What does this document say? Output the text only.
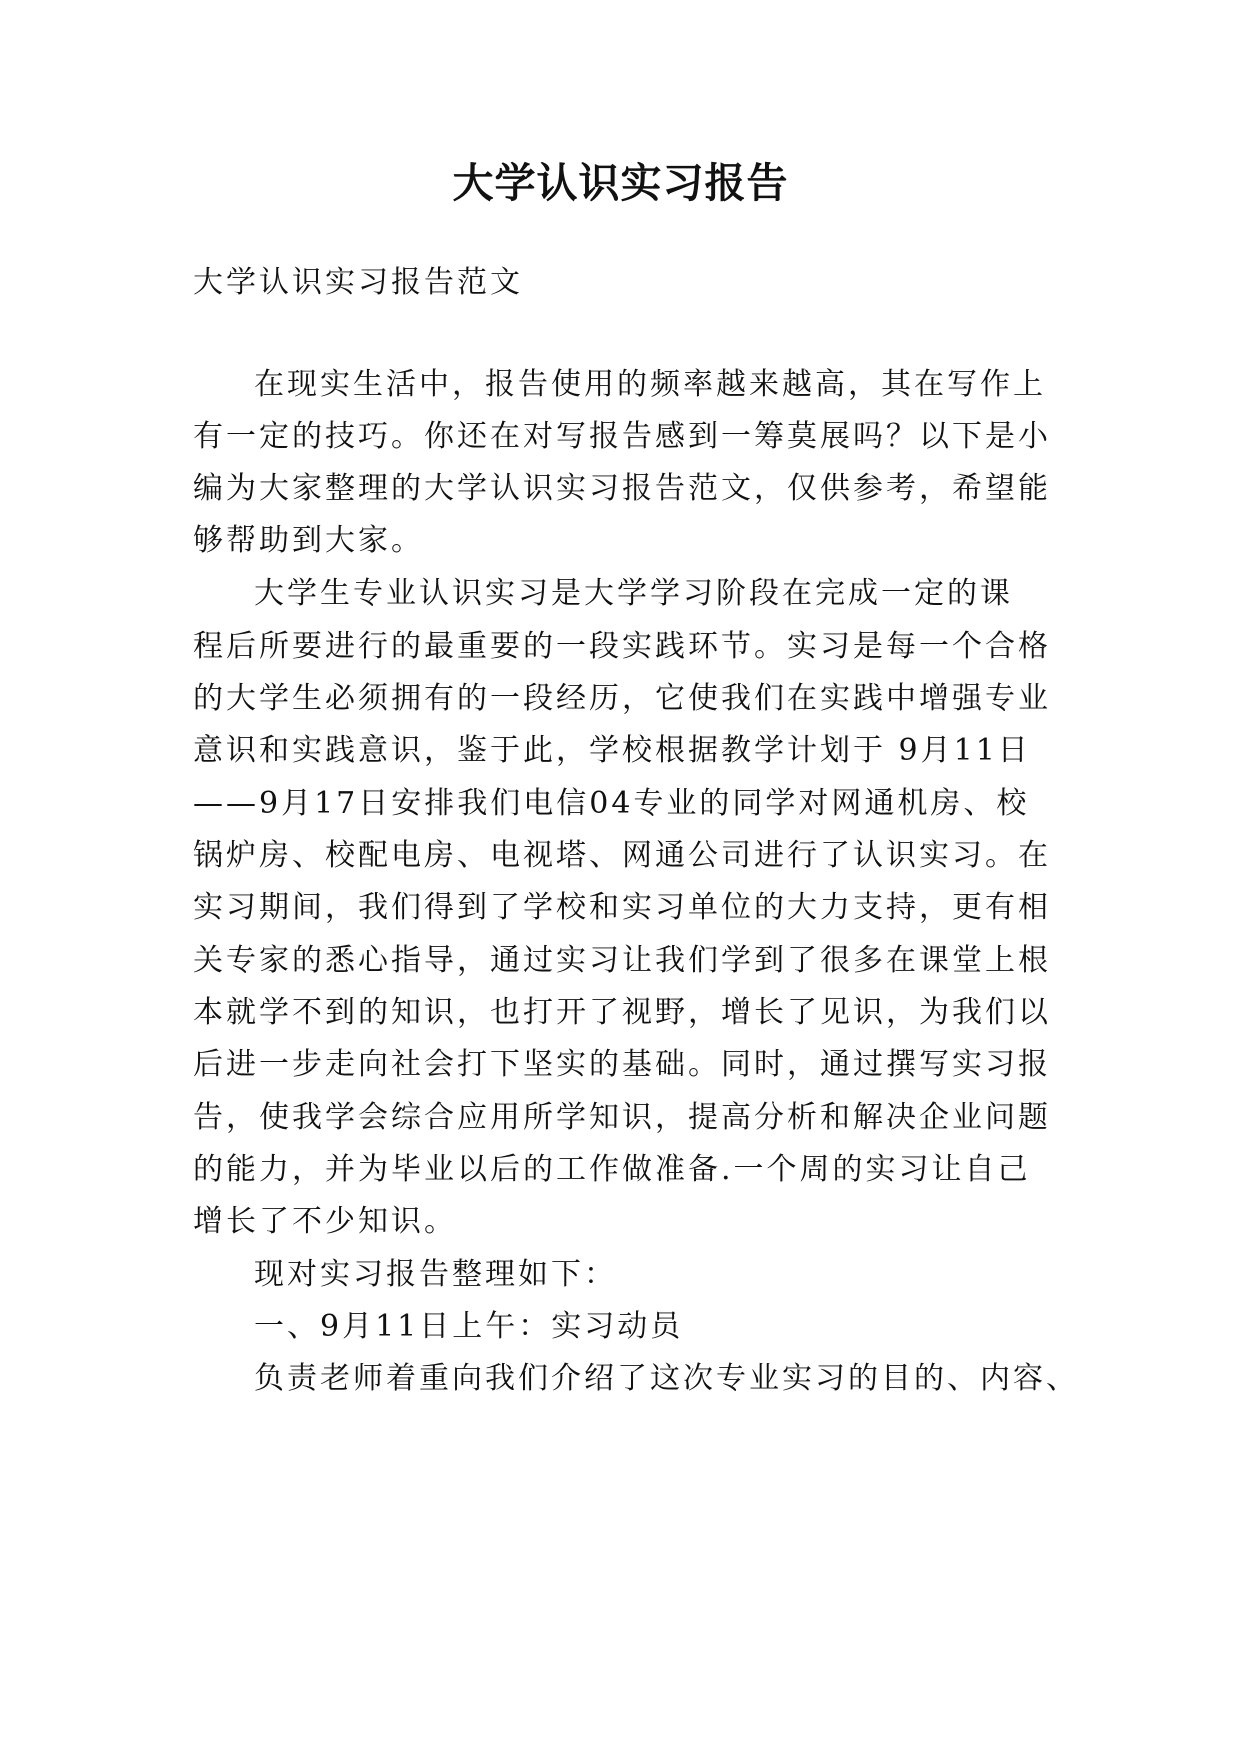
大学认识实习报告

大学认识实习报告范文

在现实生活中，报告使用的频率越来越高，其在写作上

有一定的技巧。你还在对写报告感到一筹莫展吗？以下是小

编为大家整理的大学认识实习报告范文，仅供参考，希望能

够帮助到大家。

大学生专业认识实习是大学学习阶段在完成一定的课

程后所要进行的最重要的一段实践环节。实习是每一个合格

的大学生必须拥有的一段经历，它使我们在实践中增强专业

意识和实践意识，鉴于此，学校根据教学计划于 9月11日

——9月17日安排我们电信04专业的同学对网通机房、校

锅炉房、校配电房、电视塔、网通公司进行了认识实习。在

实习期间，我们得到了学校和实习单位的大力支持，更有相

关专家的悉心指导，通过实习让我们学到了很多在课堂上根

本就学不到的知识，也打开了视野，增长了见识，为我们以

后进一步走向社会打下坚实的基础。同时，通过撰写实习报

告，使我学会综合应用所学知识，提高分析和解决企业问题

的能力，并为毕业以后的工作做准备.一个周的实习让自己

增长了不少知识。

现对实习报告整理如下：

一、9月11日上午：实习动员

负责老师着重向我们介绍了这次专业实习的目的、内容、
